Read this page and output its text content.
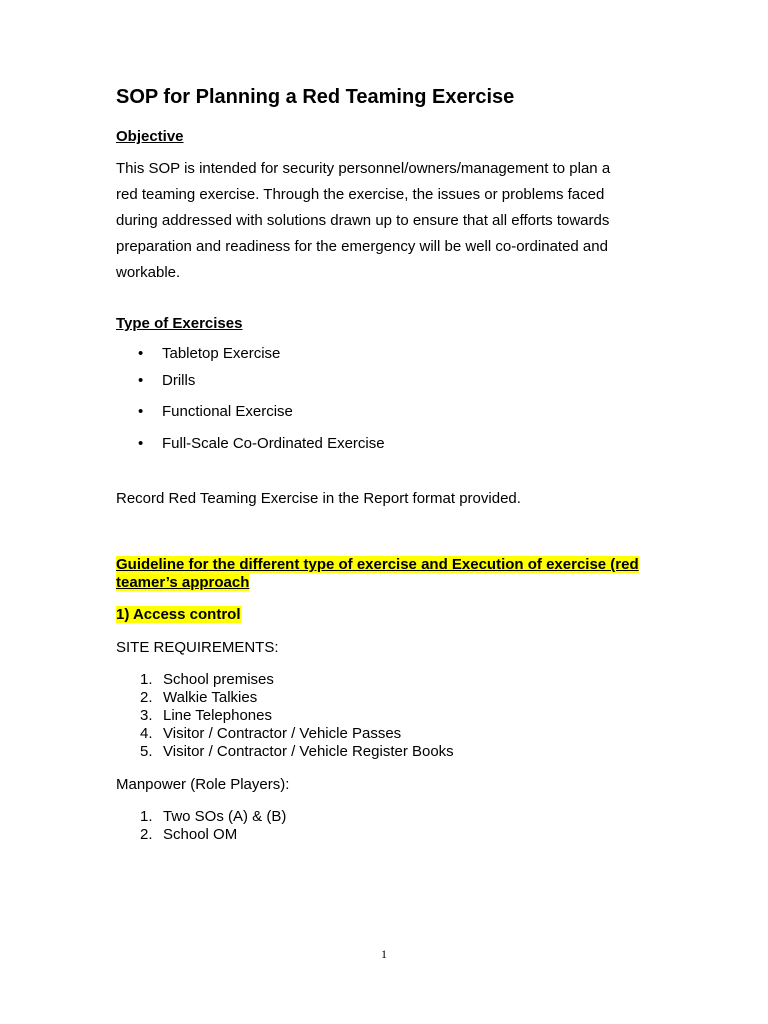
SOP for Planning a Red Teaming Exercise
Objective

This SOP is intended for security personnel/owners/management to plan a
red teaming exercise. Through the exercise, the issues or problems faced
during addressed with solutions drawn up to ensure that all efforts towards
preparation and readiness for the emergency will be well co-ordinated and
workable.

Type of Exercises
• Tabletop Exercise
• Drills
• Functional Exercise
• Full-Scale Co-Ordinated Exercise
Record Red Teaming Exercise in the Report format provided.
Guideline for the different type of exercise and Execution of exercise (red
teamer’s approach
1) Access control
SITE REQUIREMENTS:
1. School premises
2. Walkie Talkies
3. Line Telephones
4. Visitor / Contractor / Vehicle Passes
5. Visitor / Contractor / Vehicle Register Books
Manpower (Role Players):
1. Two SOs (A) & (B)
2. School OM
1
